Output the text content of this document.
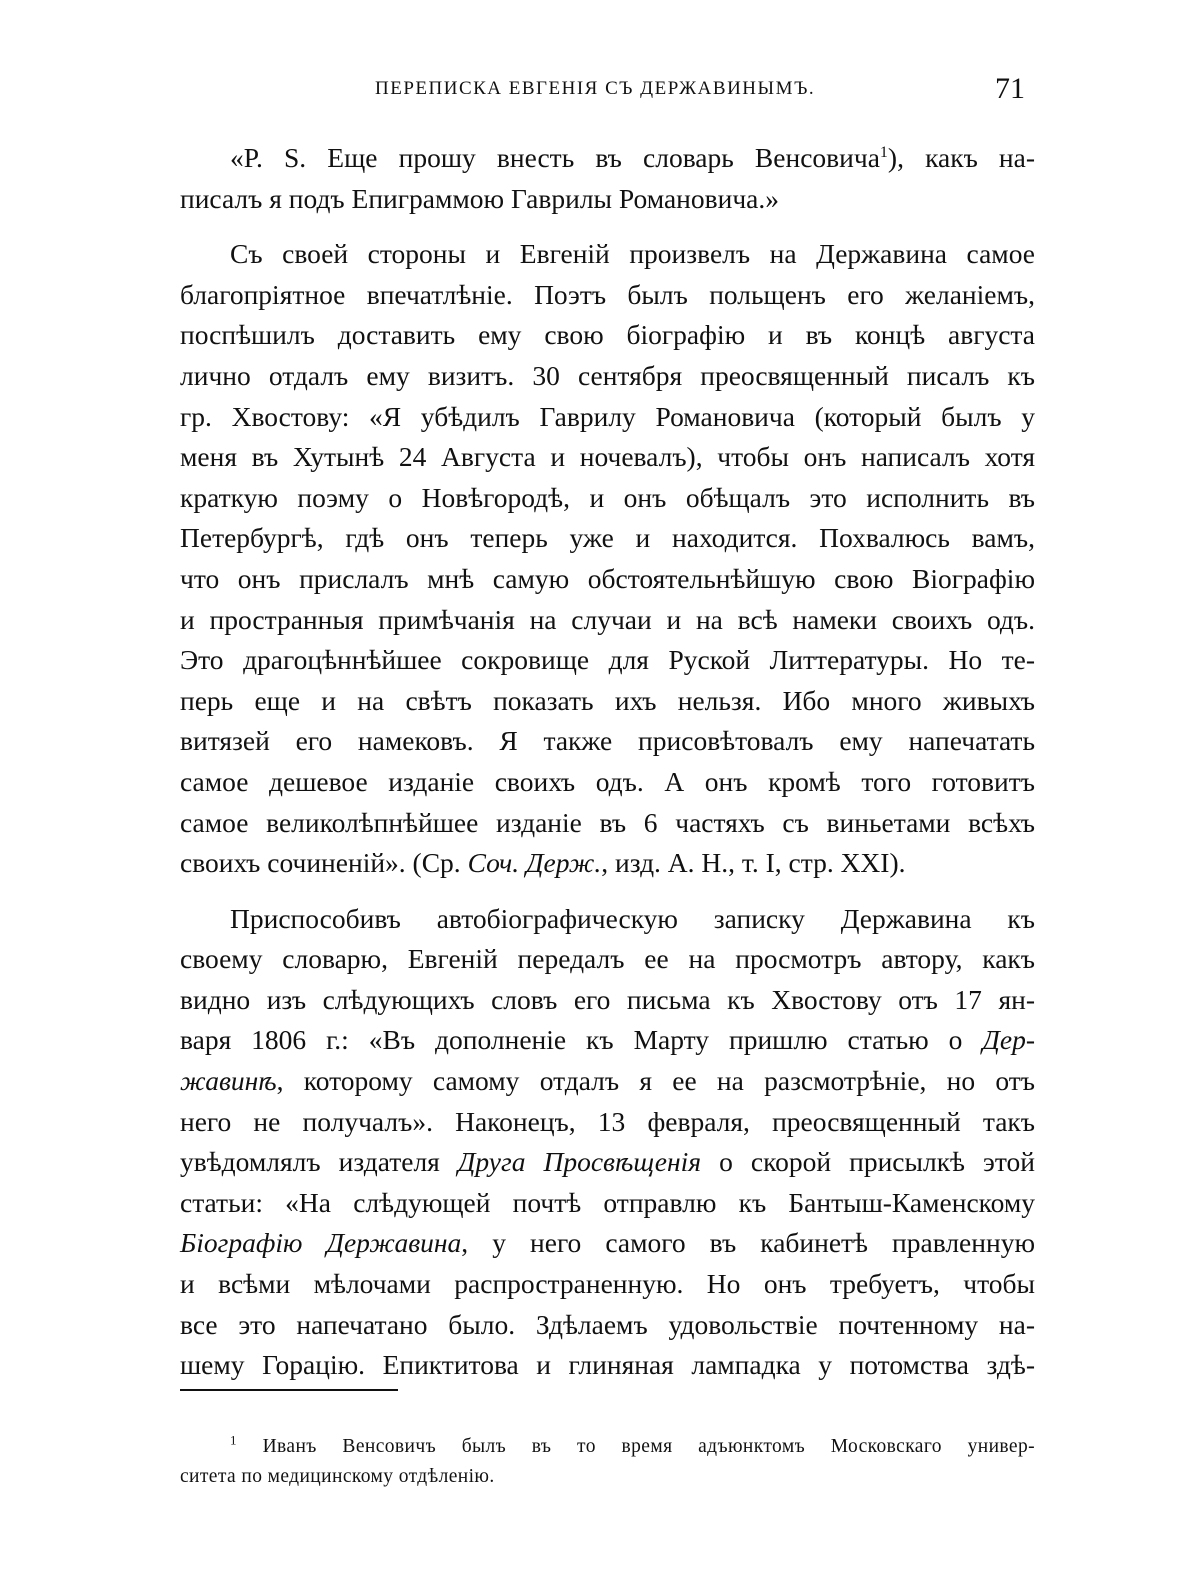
ПЕРЕПИСКА ЕВГЕНІЯ СЪ ДЕРЖАВИНЫМЪ.	71

«P. S. Еще прошу внесть въ словарь Венсовича$^1$), какъ на-
писалъ я подъ Епиграммою Гаврилы Романовича.»

Съ своей стороны и Евгеній произвелъ на Державина самое
благопріятное впечатлѣніе. Поэтъ былъ польщенъ его желаніемъ,
поспѣшилъ доставить ему свою біографію и въ концѣ августа
лично отдалъ ему визитъ. 30 сентября преосвященный писалъ къ
гр. Хвостову: «Я убѣдилъ Гаврилу Романовича (который былъ у
меня въ Хутынѣ 24 Августа и ночевалъ), чтобы онъ написалъ хотя
краткую поэму о Новѣгородѣ, и онъ обѣщалъ это исполнить въ
Петербургѣ, гдѣ онъ теперь уже и находится. Похвалюсь вамъ,
что онъ прислалъ мнѣ самую обстоятельнѣйшую свою Віографію
и пространныя примѣчанія на случаи и на всѣ намеки своихъ одъ.
Это драгоцѣннѣйшее сокровище для Руской Литтературы. Но те-
перь еще и на свѣтъ показать ихъ нельзя. Ибо много живыхъ
витязей его намековъ. Я также присовѣтовалъ ему напечатать
самое дешевое изданіе своихъ одъ. А онъ кромѣ того готовитъ
самое великолѣпнѣйшее изданіе въ 6 частяхъ съ виньетами всѣхъ
своихъ сочиненій». (Ср. Соч. Держ., изд. А. Н., т. I, стр. XXI).

Приспособивъ автобіографическую записку Державина къ
своему словарю, Евгеній передалъ ее на просмотръ автору, какъ
видно изъ слѣдующихъ словъ его письма къ Хвостову отъ 17 ян-
варя 1806 г.: «Въ дополненіе къ Марту пришлю статью о Дер-
жавинѣ, которому самому отдалъ я ее на разсмотрѣніе, но отъ
него не получалъ». Наконецъ, 13 февраля, преосвященный такъ
увѣдомлялъ издателя Друга Просвѣщенія о скорой присылкѣ этой
статьи: «На слѣдующей почтѣ отправлю къ Бантыш-Каменскому
Біографію Державина, у него самого въ кабинетѣ правленную
и всѣми мѣлочами распространенную. Но онъ требуетъ, чтобы
все это напечатано было. Здѣлаемъ удовольствіе почтенному на-
шему Горацію. Епиктитова и глиняная лампадка у потомства здѣ-

$^1$ Иванъ Венсовичъ былъ въ то время адъюнктомъ Московскаго универ-
ситета по медицинскому отдѣленію.
